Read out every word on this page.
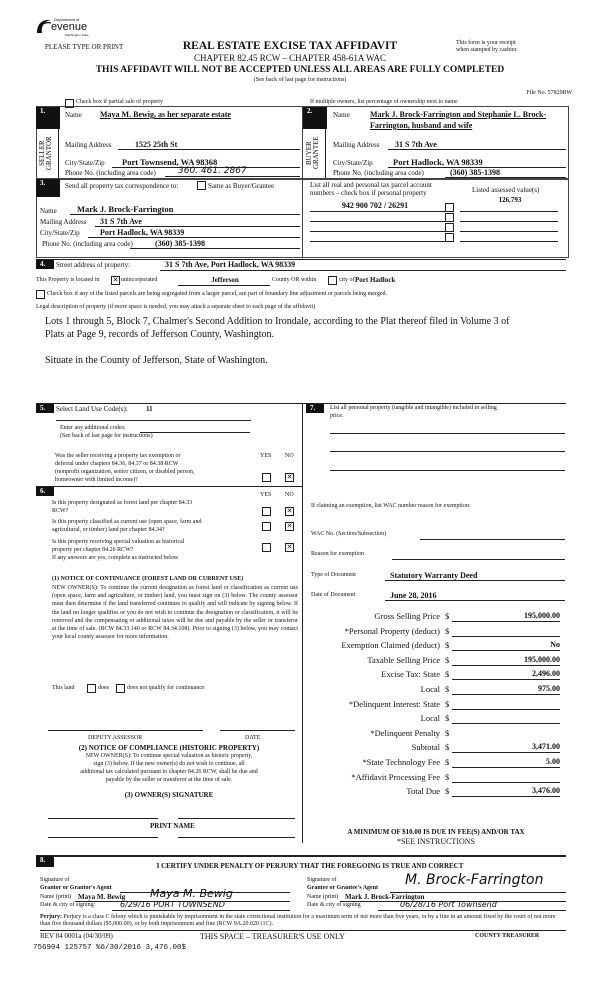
Department of
evenue
Washington State
PLEASE TYPE OR PRINT	REAL ESTATE EXCISE TAX AFFIDAVIT
CHAPTER 82.45 RCW – CHAPTER 458-61A WAC
This form is your receipt
when stamped by cashier.
THIS AFFIDAVIT WILL NOT BE ACCEPTED UNLESS ALL AREAS ARE FULLY COMPLETED
(See back of last page for instructions)
File No. 57829RW
Check box if partial sale of property	If multiple owners, list percentage of ownership next to name
1.
SELLER
GRANTOR
Name Maya M. Bewig, as her separate estate
Mailing Address	1525 25th St
City/State/Zip Port Townsend, WA 98368
Phone No. (including area code) 360. 461. 2867
2.
BUYER
GRANTEE
Name	Mark J. Brock-Farrington and Stephanie L. Brock-
Farrington, husband and wife
Mailing Address 31 S 7th Ave
City/State/Zip Port Hadlock, WA 98339
Phone No. (including area code)	(360) 385-1398
3.	Send all property tax correspondence to:	Same as Buyer/Grantee
Name Mark J. Brock-Farrington
Mailing Address 31 S 7th Ave
City/State/Zip	Port Hadlock, WA 98339
Phone No. (including area code)	(360) 385-1398
List all real and personal tax parcel account
numbers – check box if personal property	Listed assessed value(s)
942 900 702 / 26291
126,793
4.	Street address of property:	31 S 7th Ave, Port Hadlock, WA 98339
This Property is located in ✕ unincorporated	Jefferson	County OR within	city of Port Hadlock
Check box if any of the listed parcels are being segregated from a larger parcel, are part of boundary line adjustment or parcels being merged.
Legal description of property (if more space is needed, you may attach a separate sheet to each page of the affidavit)
Lots 1 through 5, Block 7, Chalmer's Second Addition to Irondale, according to the Plat thereof filed in Volume 3 of
Plats at Page 9, records of Jefferson County, Washington.
Situate in the County of Jefferson, State of Washington.
5.	Select Land Use Code(s):	11
Enter any additional codes:
(See back of last page for instructions)
YES NO
Was the seller receiving a property tax exemption or
deferral under chapters 84.36, 84.37 or 84.38 RCW
(nonprofit organization, senior citizen, or disabled person,
homeowner with limited income)?	✕
6.	YES NO
Is this property designated as forest land per chapter 84.33
RCW?	✕
Is this property classified as current use (open space, farm and
agricultural, or timber) land per chapter 84.34?	✕
Is this property receiving special valuation as historical
property per chapter 84.26 RCW?	✕
If any answers are yes, complete as instructed below.
(1) NOTICE OF CONTINUANCE (FOREST LAND OR CURRENT USE)
NEW OWNER(S): To continue the current designation as forest land or classification as current use (open space, farm and agriculture, or timber) land, you must sign on (3) below. The county assessor must then determine if the land transferred continues to qualify and will indicate by signing below. If the land no longer qualifies or you do not wish to continue the designation or classification, it will be removed and the compensating or additional taxes will be due and payable by the seller or transferor at the time of sale. (RCW 84.33.140 or RCW 84.34.108). Prior to signing (3) below, you may contact your local county assessor for more information.
This land	does	does not qualify for continuance
DEPUTY ASSESSOR	DATE
(2) NOTICE OF COMPLIANCE (HISTORIC PROPERTY)
NEW OWNER(S): To continue special valuation as historic property,
sign (3) below. If the new owner(s) do not wish to continue, all
additional tax calculated pursuant to chapter 84.26 RCW, shall be due and
payable by the seller or transferor at the time of sale.
(3) OWNER(S) SIGNATURE
PRINT NAME
7.	List all personal property (tangible and intangible) included in selling
price.
If claiming an exemption, list WAC number reason for exemption:
WAC No. (Section/Subsection)
Reason for exemption
Type of Document	Statutory Warranty Deed
Date of Document	June 28, 2016
Gross Selling Price $	195,000.00
*Personal Property (deduct) $
Exemption Claimed (deduct) $	No
Taxable Selling Price $	195,000.00
Excise Tax: State $	2,496.00
Local $	975.00
*Delinquent Interest: State $
Local $
*Delinquent Penalty $
Subtotal $	3,471.00
*State Technology Fee $	5.00
*Affidavit Processing Fee $
Total Due $	3,476.00
A MINIMUM OF $10.00 IS DUE IN FEE(S) AND/OR TAX
*SEE INSTRUCTIONS
8.
I CERTIFY UNDER PENALTY OF PERJURY THAT THE FOREGOING IS TRUE AND CORRECT
Signature of
Grantor or Grantor's Agent
Name (print) Maya M. Bewig Maya M. Bewig
Date & city of signing:	6/29/16 PORT TOWNSEND
Signature of
Grantee or Grantee's Agent M. Brock-Farrington
Name (print) Mark J. Brock-Farrington
Date & city of signing	06/28/16 Port Townsend
Perjury: Perjury is a class C felony which is punishable by imprisonment in the state correctional institution for a maximum term of not more than five years, or by a fine in an amount fixed by the court of not more than five thousand dollars ($5,000.00), or by both imprisonment and fine (RCW 9A.20.020 (1C).
REV 84 0001a (04/30/09)	THIS SPACE – TREASURER'S USE ONLY	COUNTY TREASURER
756904 125757 %6/30/2016 3,476.00$
